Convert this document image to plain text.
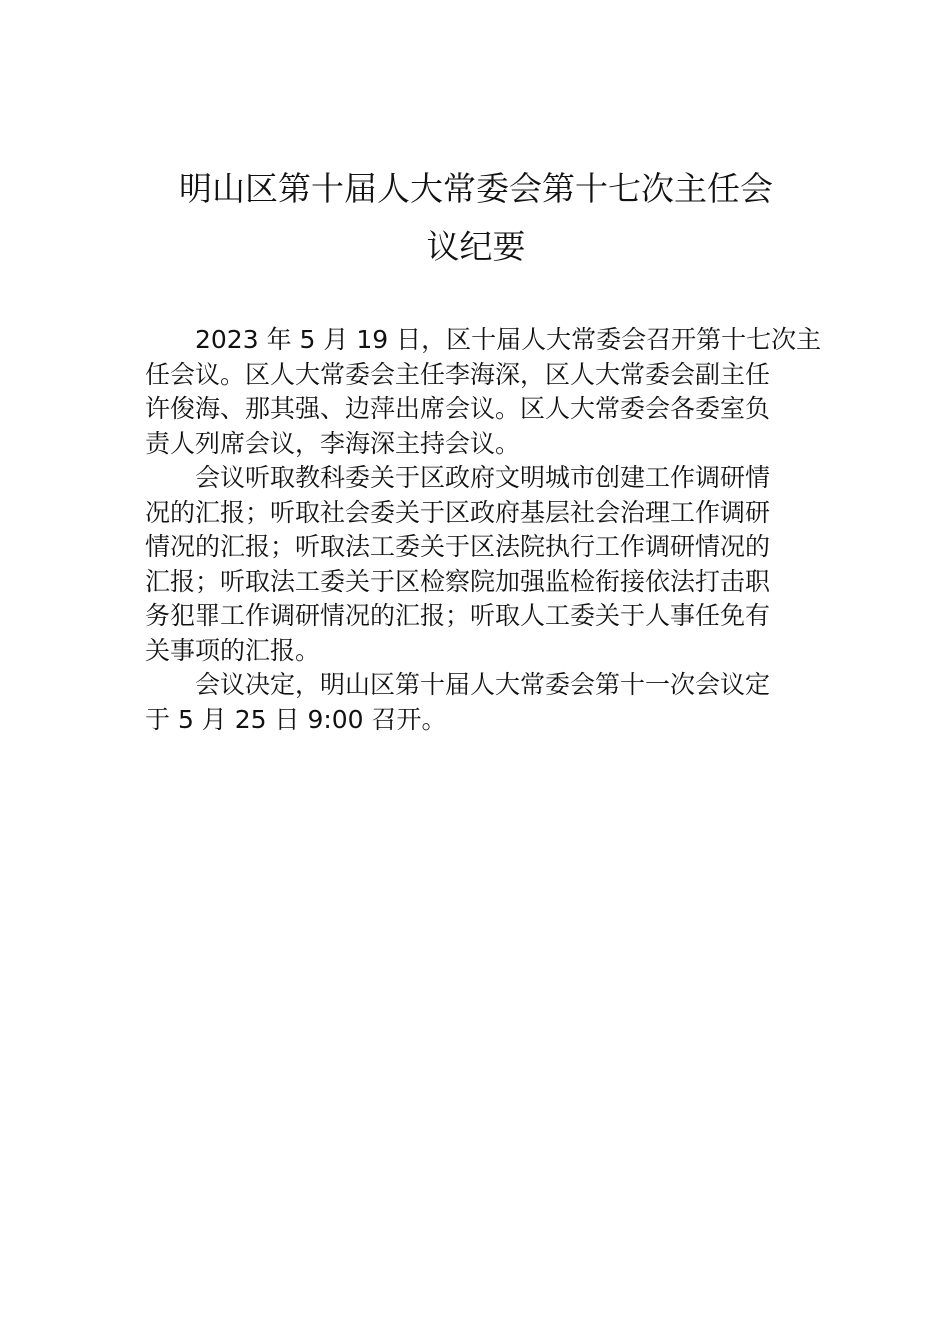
明山区第十届人大常委会第十七次主任会
议纪要

2023 年 5 月 19 日，区十届人大常委会召开第十七次主
任会议。区人大常委会主任李海深，区人大常委会副主任
许俊海、那其强、边萍出席会议。区人大常委会各委室负
责人列席会议，李海深主持会议。

会议听取教科委关于区政府文明城市创建工作调研情
况的汇报；听取社会委关于区政府基层社会治理工作调研
情况的汇报；听取法工委关于区法院执行工作调研情况的
汇报；听取法工委关于区检察院加强监检衔接依法打击职
务犯罪工作调研情况的汇报；听取人工委关于人事任免有
关事项的汇报。

会议决定，明山区第十届人大常委会第十一次会议定
于 5 月 25 日 9:00 召开。
